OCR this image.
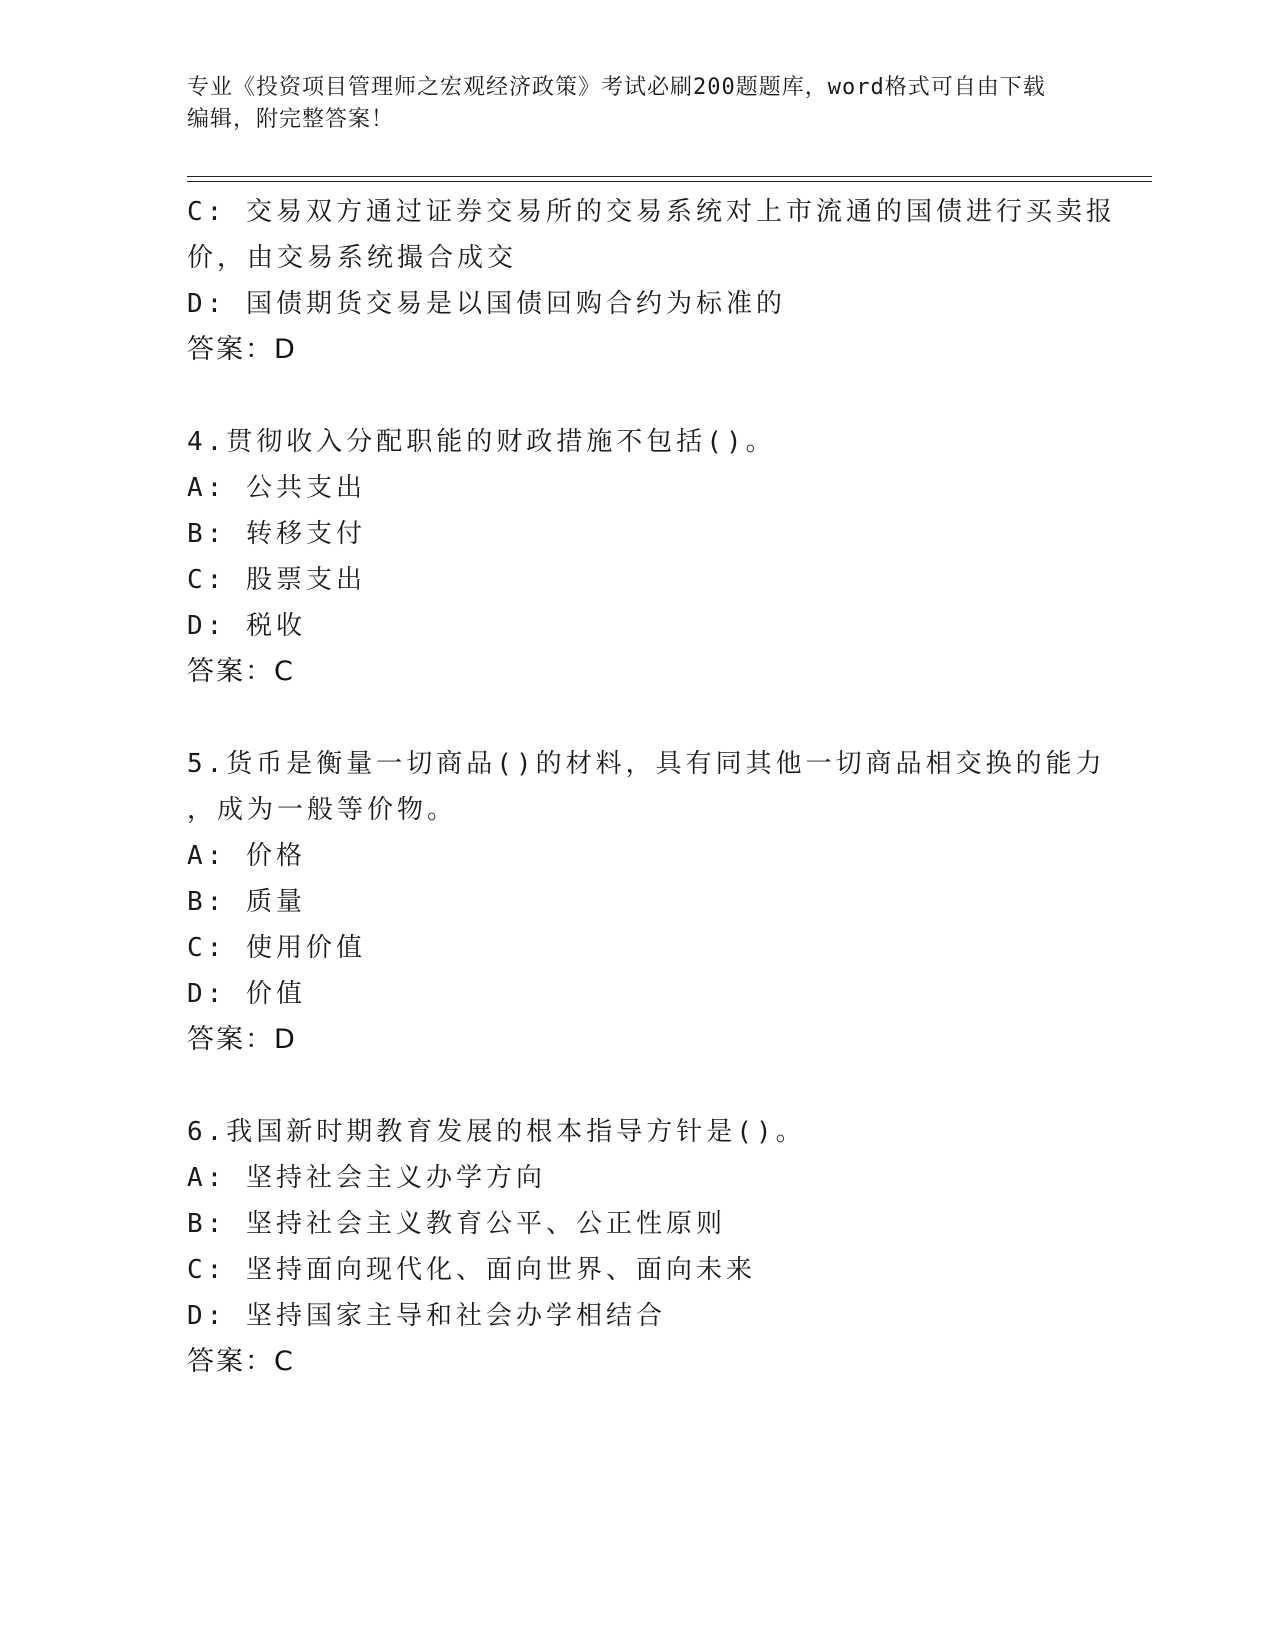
专业《投资项目管理师之宏观经济政策》考试必刷200题题库，word格式可自由下载编辑，附完整答案！

C: 交易双方通过证券交易所的交易系统对上市流通的国债进行买卖报

价，由交易系统撮合成交

D: 国债期货交易是以国债回购合约为标准的

答案：D

4.贯彻收入分配职能的财政措施不包括()。

A: 公共支出

B: 转移支付

C: 股票支出

D: 税收

答案：C

5.货币是衡量一切商品()的材料，具有同其他一切商品相交换的能力

，成为一般等价物。

A: 价格

B: 质量

C: 使用价值

D: 价值

答案：D

6.我国新时期教育发展的根本指导方针是()。

A: 坚持社会主义办学方向

B: 坚持社会主义教育公平、公正性原则

C: 坚持面向现代化、面向世界、面向未来

D: 坚持国家主导和社会办学相结合

答案：C
